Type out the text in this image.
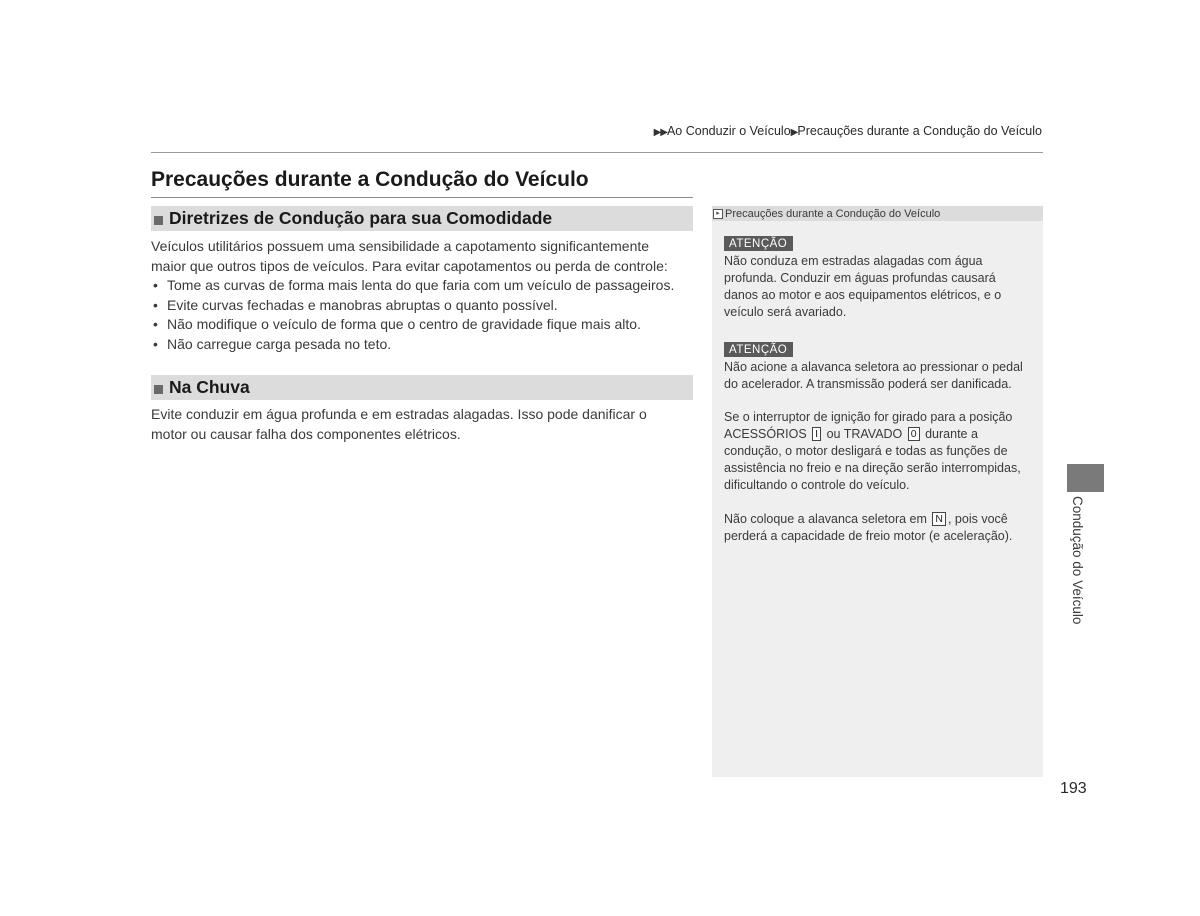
▶▶Ao Conduzir o Veículo▶Precauções durante a Condução do Veículo
Precauções durante a Condução do Veículo
Diretrizes de Condução para sua Comodidade

Veículos utilitários possuem uma sensibilidade a capotamento significantemente

maior que outros tipos de veículos. Para evitar capotamentos ou perda de controle:

• Tome as curvas de forma mais lenta do que faria com um veículo de passageiros.
• Evite curvas fechadas e manobras abruptas o quanto possível.
• Não modifique o veículo de forma que o centro de gravidade fique mais alto.
• Não carregue carga pesada no teto.
Na Chuva

Evite conduzir em água profunda e em estradas alagadas. Isso pode danificar o

motor ou causar falha dos componentes elétricos.

▸ Precauções durante a Condução do Veículo
ATENÇÃO

Não conduza em estradas alagadas com água

profunda. Conduzir em águas profundas causará

danos ao motor e aos equipamentos elétricos, e o

veículo será avariado.

ATENÇÃO

Não acione a alavanca seletora ao pressionar o pedal

do acelerador. A transmissão poderá ser danificada.

Se o interruptor de ignição for girado para a posição

ACESSÓRIOS I ou TRAVADO 0 durante a

condução, o motor desligará e todas as funções de

assistência no freio e na direção serão interrompidas,

dificultando o controle do veículo.

Não coloque a alavanca seletora em N , pois você

perderá a capacidade de freio motor (e aceleração).	Condução do Veículo
193
